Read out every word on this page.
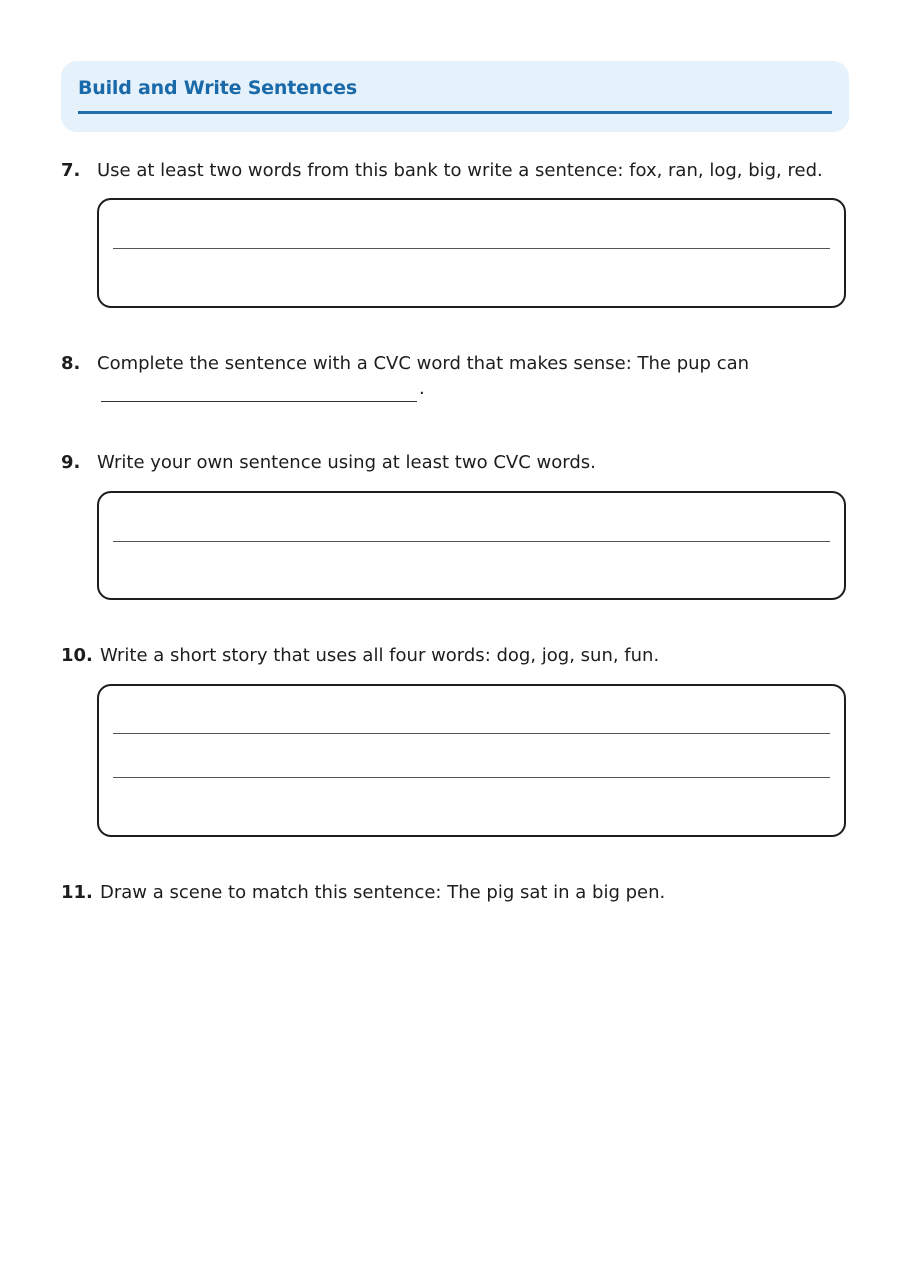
Build and Write Sentences
7. Use at least two words from this bank to write a sentence: fox, ran, log, big, red.
8. Complete the sentence with a CVC word that makes sense: The pup can
.
9. Write your own sentence using at least two CVC words.
10. Write a short story that uses all four words: dog, jog, sun, fun.
11. Draw a scene to match this sentence: The pig sat in a big pen.
